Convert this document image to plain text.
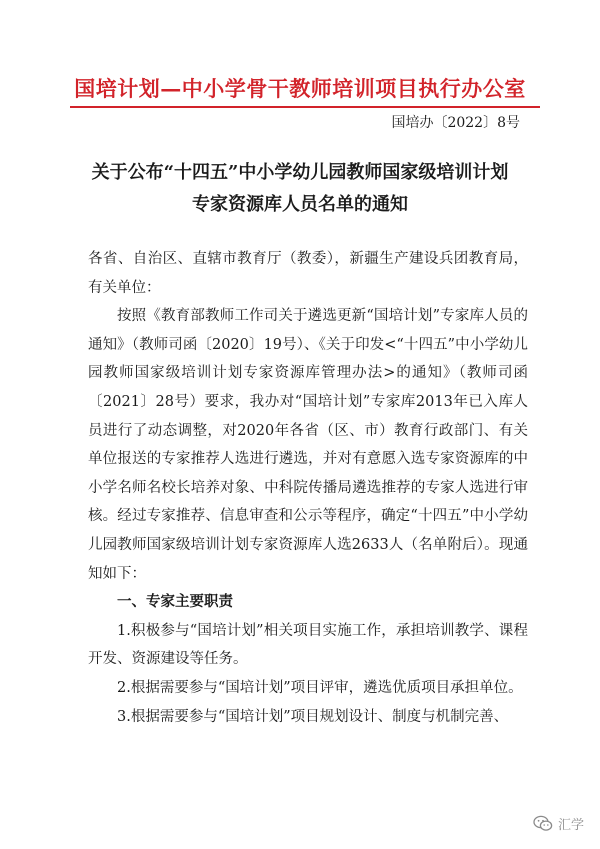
国培计划—中小学骨干教师培训项目执行办公室
国培办〔2022〕8号
关于公布“十四五”中小学幼儿园教师国家级培训计划
专家资源库人员名单的通知

各省、自治区、直辖市教育厅（教委），新疆生产建设兵团教育局，有关单位：

按照《教育部教师工作司关于遴选更新“国培计划”专家库人员的通知》（教师司函〔2020〕19号）、《关于印发<“十四五”中小学幼儿园教师国家级培训计划专家资源库管理办法>的通知》（教师司函〔2021〕28号）要求，我办对“国培计划”专家库2013年已入库人员进行了动态调整，对2020年各省（区、市）教育行政部门、有关单位报送的专家推荐人选进行遴选，并对有意愿入选专家资源库的中小学名师名校长培养对象、中科院传播局遴选推荐的专家人选进行审核。经过专家推荐、信息审查和公示等程序，确定“十四五”中小学幼儿园教师国家级培训计划专家资源库人选2633人（名单附后）。现通知如下：

一、专家主要职责

1.积极参与“国培计划”相关项目实施工作，承担培训教学、课程开发、资源建设等任务。

2.根据需要参与“国培计划”项目评审，遴选优质项目承担单位。

3.根据需要参与“国培计划”项目规划设计、制度与机制完善、

汇学
